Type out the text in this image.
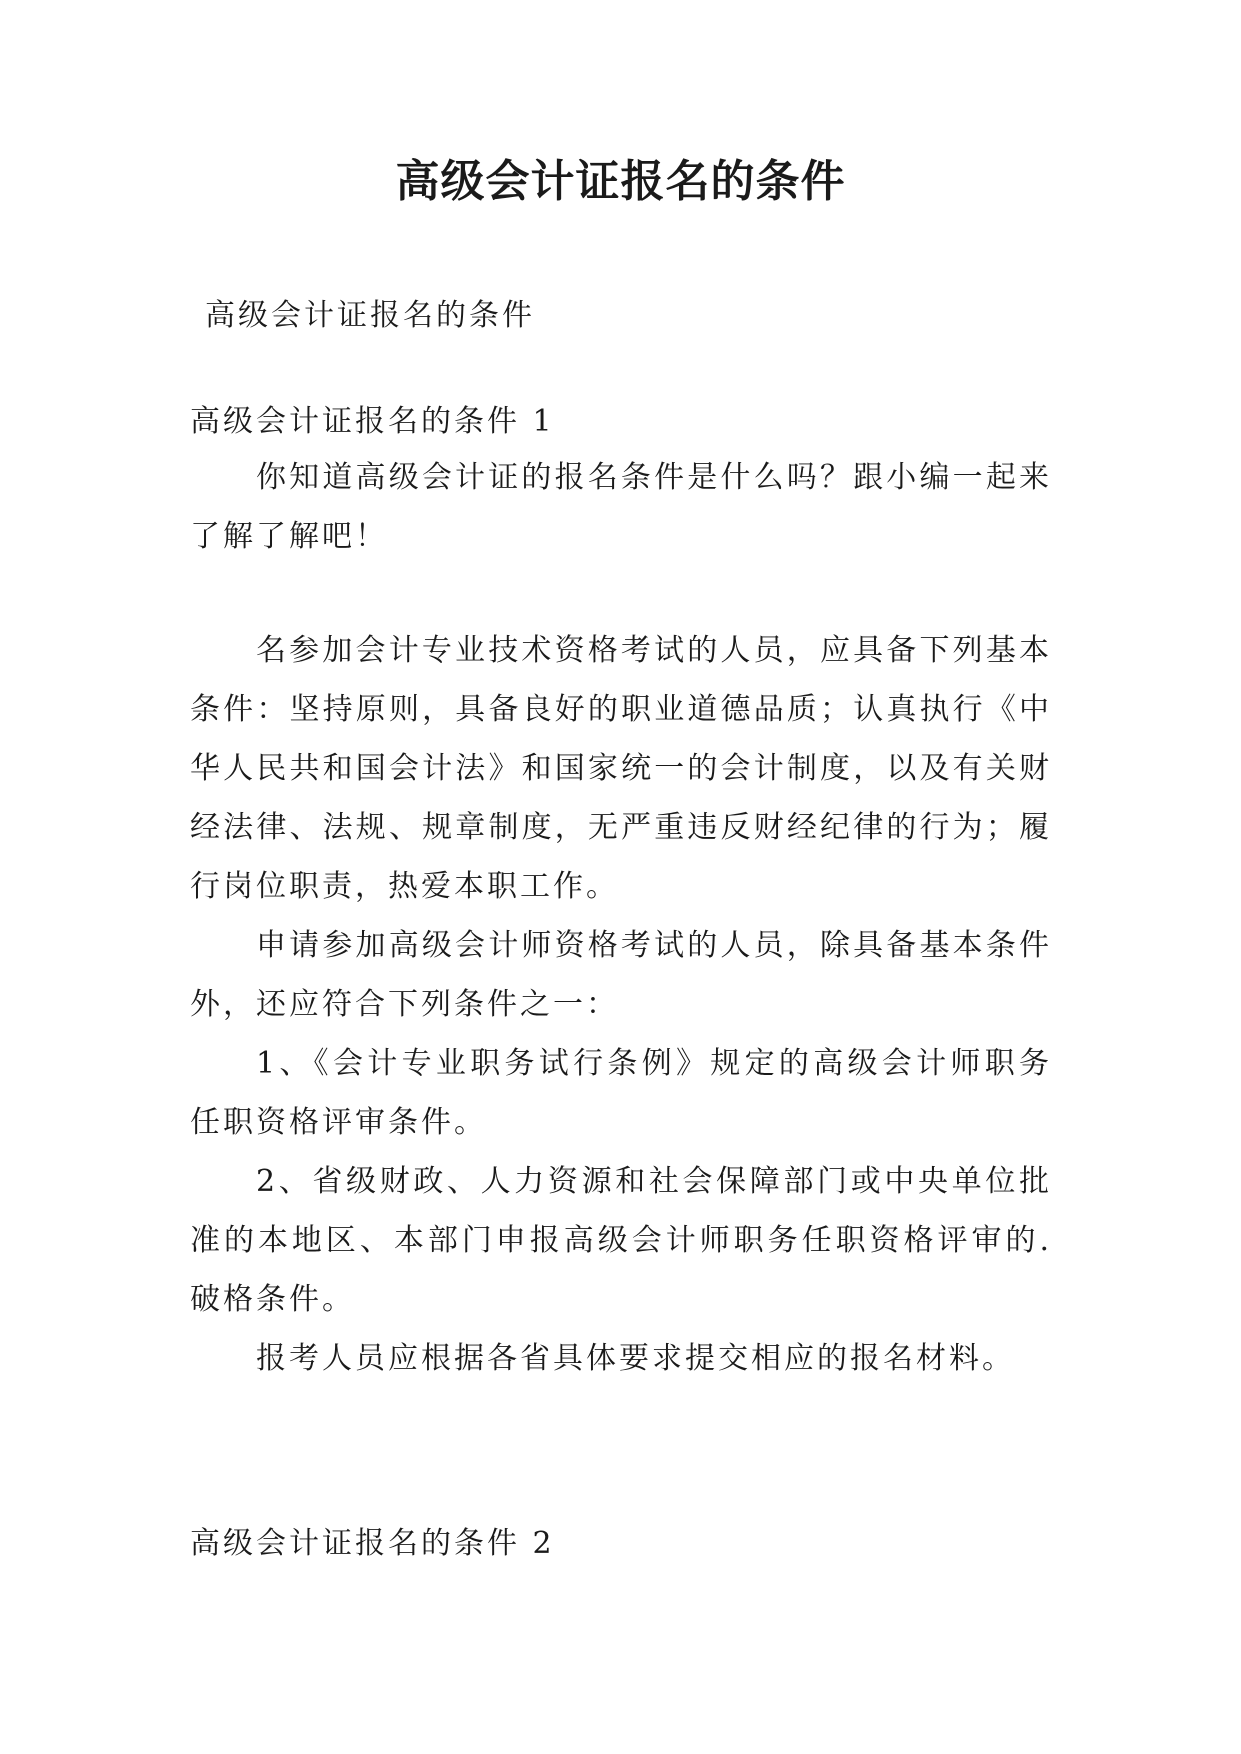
高级会计证报名的条件

高级会计证报名的条件

高级会计证报名的条件 1

你知道高级会计证的报名条件是什么吗？跟小编一起来了解了解吧！

名参加会计专业技术资格考试的人员，应具备下列基本条件：坚持原则，具备良好的职业道德品质；认真执行《中华人民共和国会计法》和国家统一的会计制度，以及有关财经法律、法规、规章制度，无严重违反财经纪律的行为；履行岗位职责，热爱本职工作。

申请参加高级会计师资格考试的人员，除具备基本条件外，还应符合下列条件之一：

1、《会计专业职务试行条例》规定的高级会计师职务任职资格评审条件。

2、省级财政、人力资源和社会保障部门或中央单位批准的本地区、本部门申报高级会计师职务任职资格评审的.破格条件。

报考人员应根据各省具体要求提交相应的报名材料。

高级会计证报名的条件 2
